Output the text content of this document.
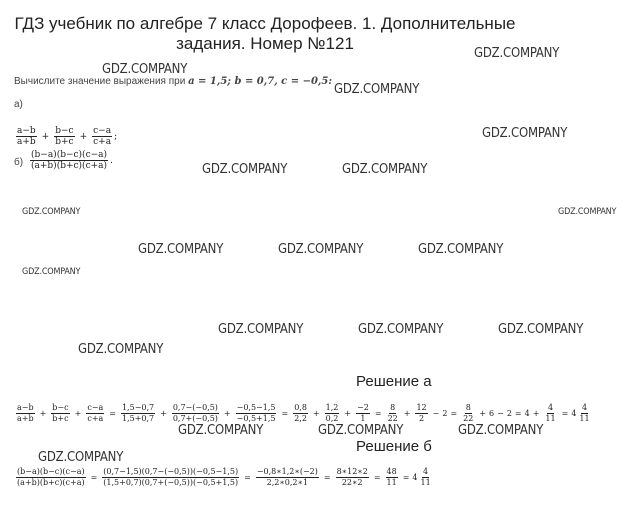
ГДЗ учебник по алгебре 7 класс Дорофеев. 1. Дополнительные
задания. Номер №121
Вычислите значение выражения при a = 1,5; b = 0,7, c = −0,5:
а)
$\frac{a-b}{a+b} + \frac{b-c}{b+c} + \frac{c-a}{c+a}$ ;
$б) \frac{(b-a)(b-c)(c-a)}{(a+b)(b+c)(c+a)}$ .
Решение а
$\frac{a-b}{a+b} + \frac{b-c}{b+c} + \frac{c-a}{c+a} = \frac{1,5-0,7}{1,5+0,7} + \frac{0,7-(-0,5)}{0,7+(-0,5)} + \frac{-0,5-1,5}{-0,5+1,5} = \frac{0,8}{2,2} + \frac{1,2}{0,2} + \frac{-2}{1} = \frac{8}{22} + \frac{12}{2} - 2 = \frac{8}{22} + 6 - 2 = 4 + \frac{4}{11} = 4 \frac{4}{11}$
Решение б
$\frac{(b-a)(b-c)(c-a)}{(a+b)(b+c)(c+a)} = \frac{(0,7-1,5)(0,7-(-0,5))(-0,5-1,5)}{(1,5+0,7)(0,7+(-0,5))(-0,5+1,5)} = \frac{-0,8∗1,2∗(-2)}{2,2∗0,2∗1} = \frac{8∗12∗2}{22∗2} = \frac{48}{11} = 4 \frac{4}{11}$
GDZ.COMPANY
GDZ.COMPANY
GDZ.COMPANY
GDZ.COMPANY
GDZ.COMPANY	GDZ.COMPANY
GDZ.COMPANY	GDZ.COMPANY
GDZ.COMPANY	GDZ.COMPANY	GDZ.COMPANY
GDZ.COMPANY
GDZ.COMPANY	GDZ.COMPANY	GDZ.COMPANY
GDZ.COMPANY
GDZ.COMPANY	GDZ.COMPANY	GDZ.COMPANY
GDZ.COMPANY
